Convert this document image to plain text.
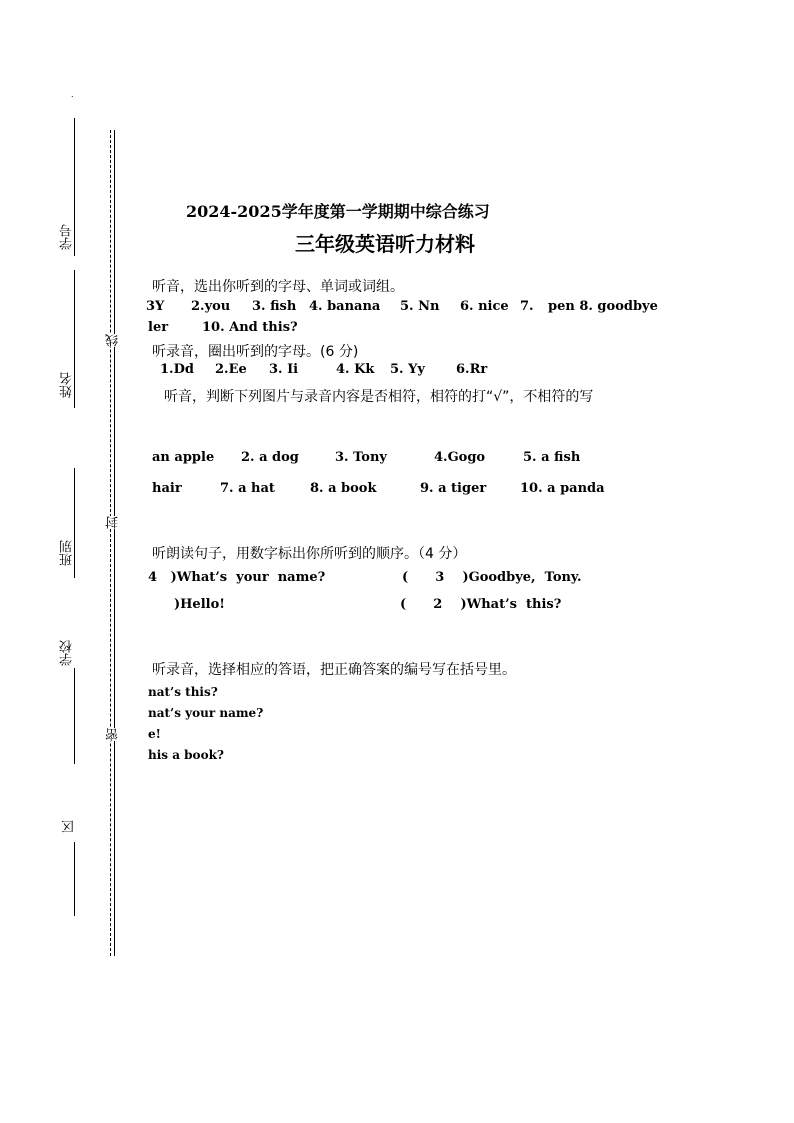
.
学号
姓名
班别
学校
区
线
封
密
2024-2025学年度第一学期期中综合练习
三年级英语听力材料
听音，选出你听到的字母、单词或词组。
3Y 2.you 3. fish 4. banana 5. Nn 6. nice 7. pen 8. goodbye
ler	10. And this?
听录音，圈出听到的字母。(6 分)
1.Dd 2.Ee 3. Ii	4. Kk 5. Yy 6.Rr
听音，判断下列图片与录音内容是否相符，相符的打“√”，不相符的写
an apple 2. a dog	3. Tony	4.Gogo	5. a fish
hair	7. a hat	8. a book	9. a tiger	10. a panda
听朗读句子，用数字标出你所听到的顺序。（4 分）
4   )What’s  your  name?	(      3    )Goodbye,  Tony.
)Hello!	(      2    )What’s  this?
听录音，选择相应的答语，把正确答案的编号写在括号里。
nat’s this?
nat’s your name?
e!
his a book?
